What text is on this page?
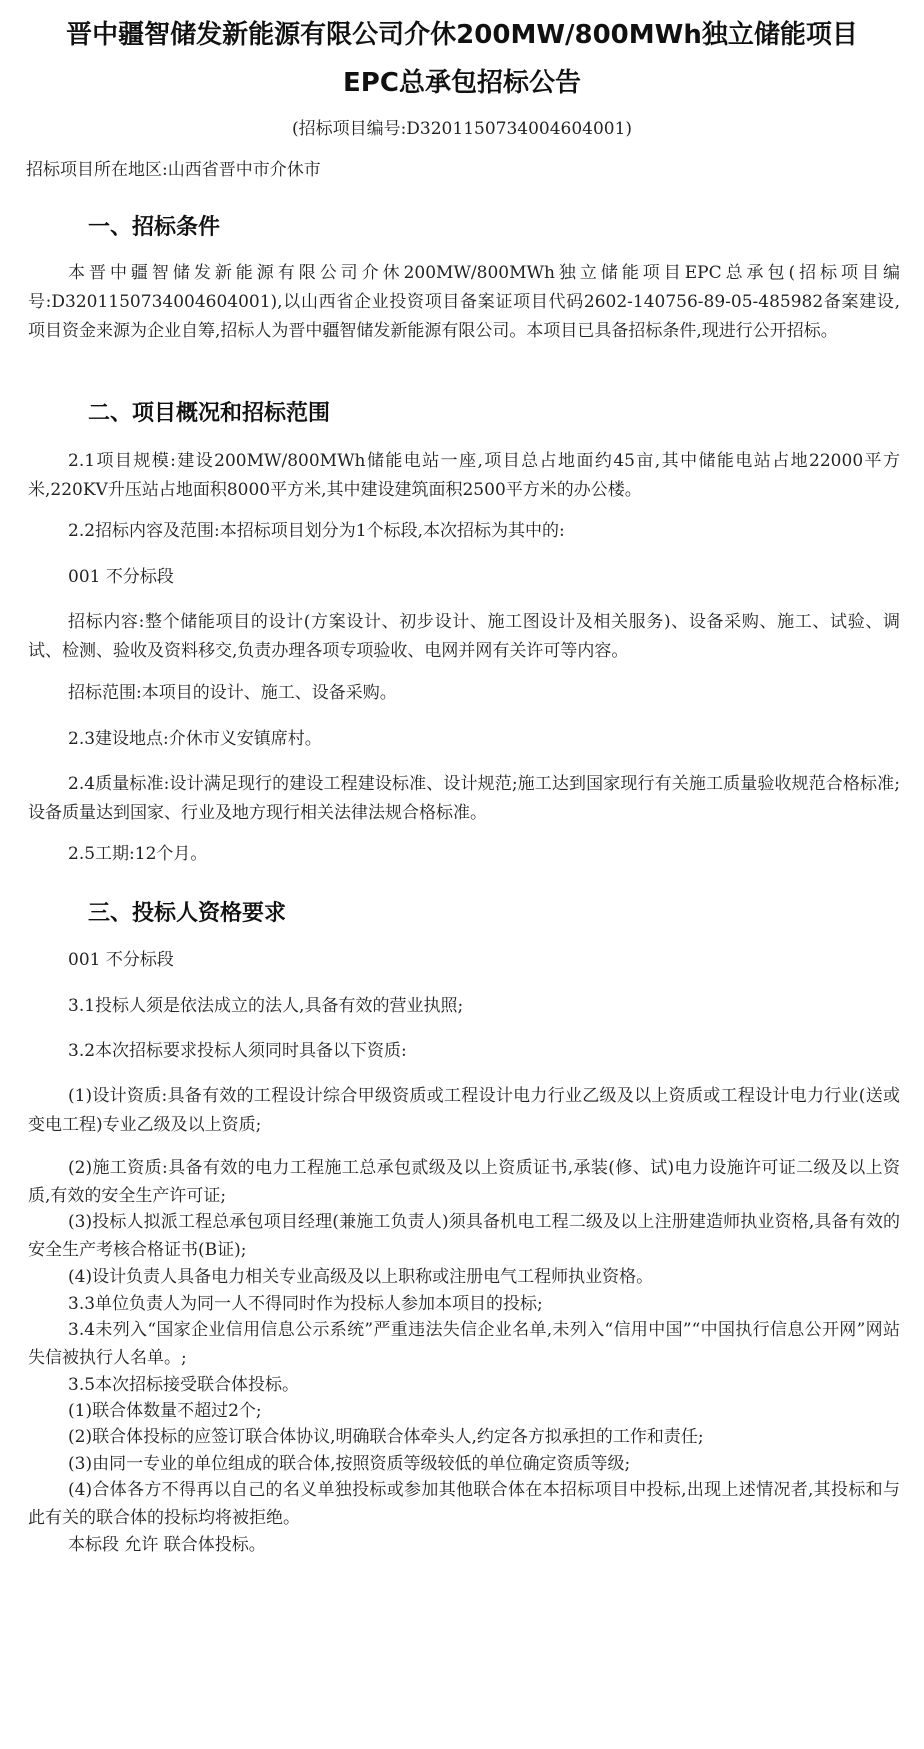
晋中疆智储发新能源有限公司介休200MW/800MWh独立储能项目
EPC总承包招标公告
(招标项目编号:D3201150734004604001)
招标项目所在地区:山西省晋中市介休市
一、招标条件
本晋中疆智储发新能源有限公司介休200MW/800MWh独立储能项目EPC总承包(招标项目编号:D3201150734004604001),以山西省企业投资项目备案证项目代码2602-140756-89-05-485982备案建设,项目资金来源为企业自筹,招标人为晋中疆智储发新能源有限公司。本项目已具备招标条件,现进行公开招标。
二、项目概况和招标范围
2.1项目规模:建设200MW/800MWh储能电站一座,项目总占地面约45亩,其中储能电站占地22000平方米,220KV升压站占地面积8000平方米,其中建设建筑面积2500平方米的办公楼。
2.2招标内容及范围:本招标项目划分为1个标段,本次招标为其中的:
001 不分标段
招标内容:整个储能项目的设计(方案设计、初步设计、施工图设计及相关服务)、设备采购、施工、试验、调试、检测、验收及资料移交,负责办理各项专项验收、电网并网有关许可等内容。
招标范围:本项目的设计、施工、设备采购。
2.3建设地点:介休市义安镇席村。
2.4质量标准:设计满足现行的建设工程建设标准、设计规范;施工达到国家现行有关施工质量验收规范合格标准;设备质量达到国家、行业及地方现行相关法律法规合格标准。
2.5工期:12个月。
三、投标人资格要求
001 不分标段
3.1投标人须是依法成立的法人,具备有效的营业执照;
3.2本次招标要求投标人须同时具备以下资质:
(1)设计资质:具备有效的工程设计综合甲级资质或工程设计电力行业乙级及以上资质或工程设计电力行业(送或变电工程)专业乙级及以上资质;
(2)施工资质:具备有效的电力工程施工总承包贰级及以上资质证书,承装(修、试)电力设施许可证二级及以上资质,有效的安全生产许可证;
(3)投标人拟派工程总承包项目经理(兼施工负责人)须具备机电工程二级及以上注册建造师执业资格,具备有效的安全生产考核合格证书(B证);
(4)设计负责人具备电力相关专业高级及以上职称或注册电气工程师执业资格。
3.3单位负责人为同一人不得同时作为投标人参加本项目的投标;
3.4未列入“国家企业信用信息公示系统”严重违法失信企业名单,未列入“信用中国”“中国执行信息公开网”网站失信被执行人名单。;
3.5本次招标接受联合体投标。
(1)联合体数量不超过2个;
(2)联合体投标的应签订联合体协议,明确联合体牵头人,约定各方拟承担的工作和责任;
(3)由同一专业的单位组成的联合体,按照资质等级较低的单位确定资质等级;
(4)合体各方不得再以自己的名义单独投标或参加其他联合体在本招标项目中投标,出现上述情况者,其投标和与此有关的联合体的投标均将被拒绝。
本标段 允许 联合体投标。
